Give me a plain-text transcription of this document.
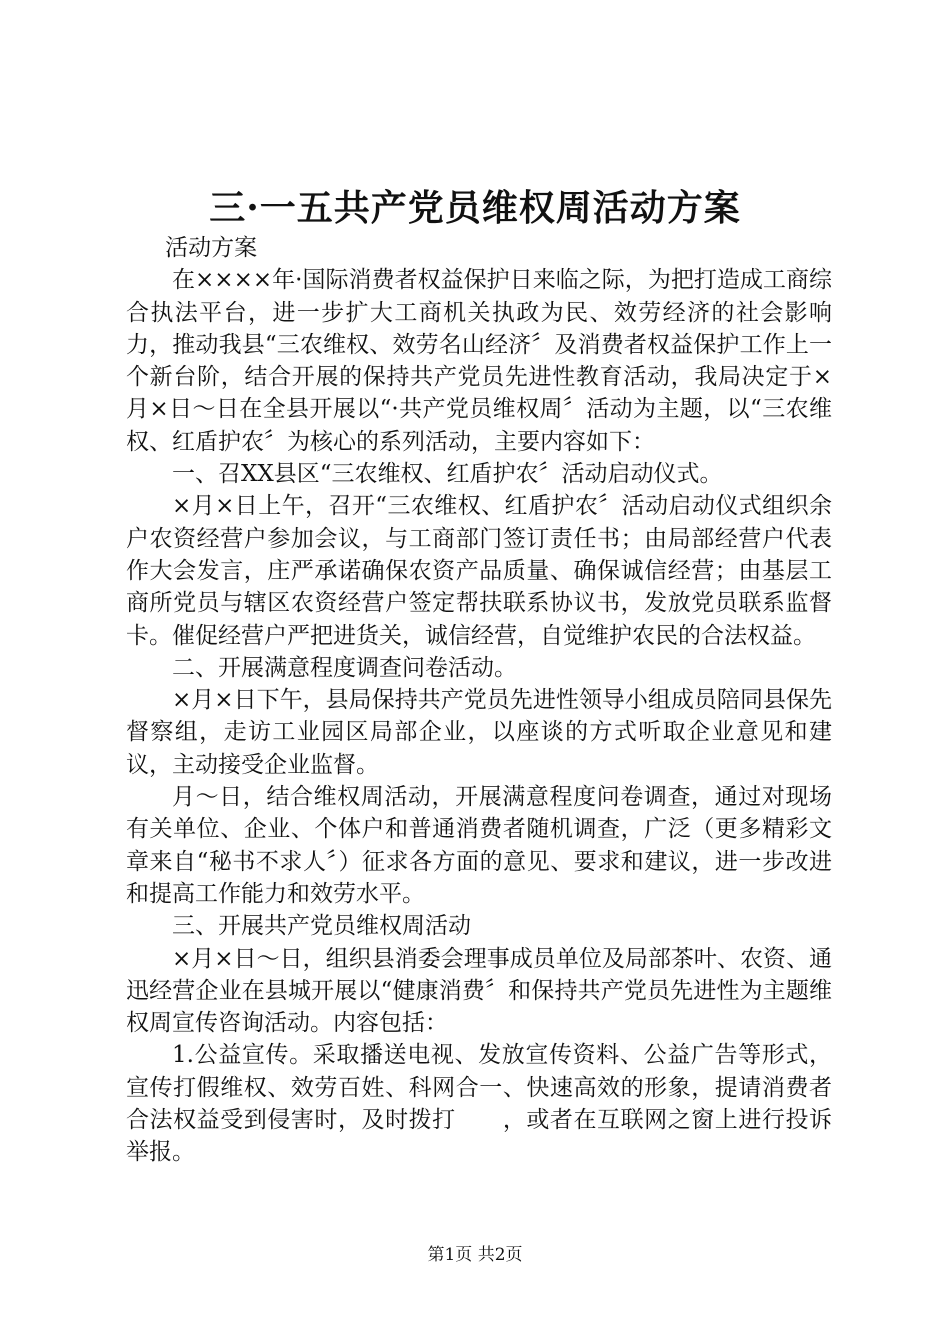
三·一五共产党员维权周活动方案

活动方案

在××××年·国际消费者权益保护日来临之际，为把打造成工商综合执法平台，进一步扩大工商机关执政为民、效劳经济的社会影响力，推动我县“三农维权、效劳名山经济〞及消费者权益保护工作上一个新台阶，结合开展的保持共产党员先进性教育活动，我局决定于×月×日～日在全县开展以“·共产党员维权周〞活动为主题，以“三农维权、红盾护农〞为核心的系列活动，主要内容如下：

一、召XX县区“三农维权、红盾护农〞活动启动仪式。

×月×日上午，召开“三农维权、红盾护农〞活动启动仪式组织余户农资经营户参加会议，与工商部门签订责任书；由局部经营户代表作大会发言，庄严承诺确保农资产品质量、确保诚信经营；由基层工商所党员与辖区农资经营户签定帮扶联系协议书，发放党员联系监督卡。催促经营户严把进货关，诚信经营，自觉维护农民的合法权益。

二、开展满意程度调查问卷活动。

×月×日下午，县局保持共产党员先进性领导小组成员陪同县保先督察组，走访工业园区局部企业，以座谈的方式听取企业意见和建议，主动接受企业监督。

月～日，结合维权周活动，开展满意程度问卷调查，通过对现场有关单位、企业、个体户和普通消费者随机调查，广泛（更多精彩文章来自“秘书不求人〞）征求各方面的意见、要求和建议，进一步改进和提高工作能力和效劳水平。

三、开展共产党员维权周活动

×月×日～日，组织县消委会理事成员单位及局部茶叶、农资、通迅经营企业在县城开展以“健康消费〞和保持共产党员先进性为主题维权周宣传咨询活动。内容包括：

1.公益宣传。采取播送电视、发放宣传资料、公益广告等形式，宣传打假维权、效劳百姓、科网合一、快速高效的形象，提请消费者合法权益受到侵害时，及时拨打　　，或者在互联网之窗上进行投诉举报。

第1页 共2页
